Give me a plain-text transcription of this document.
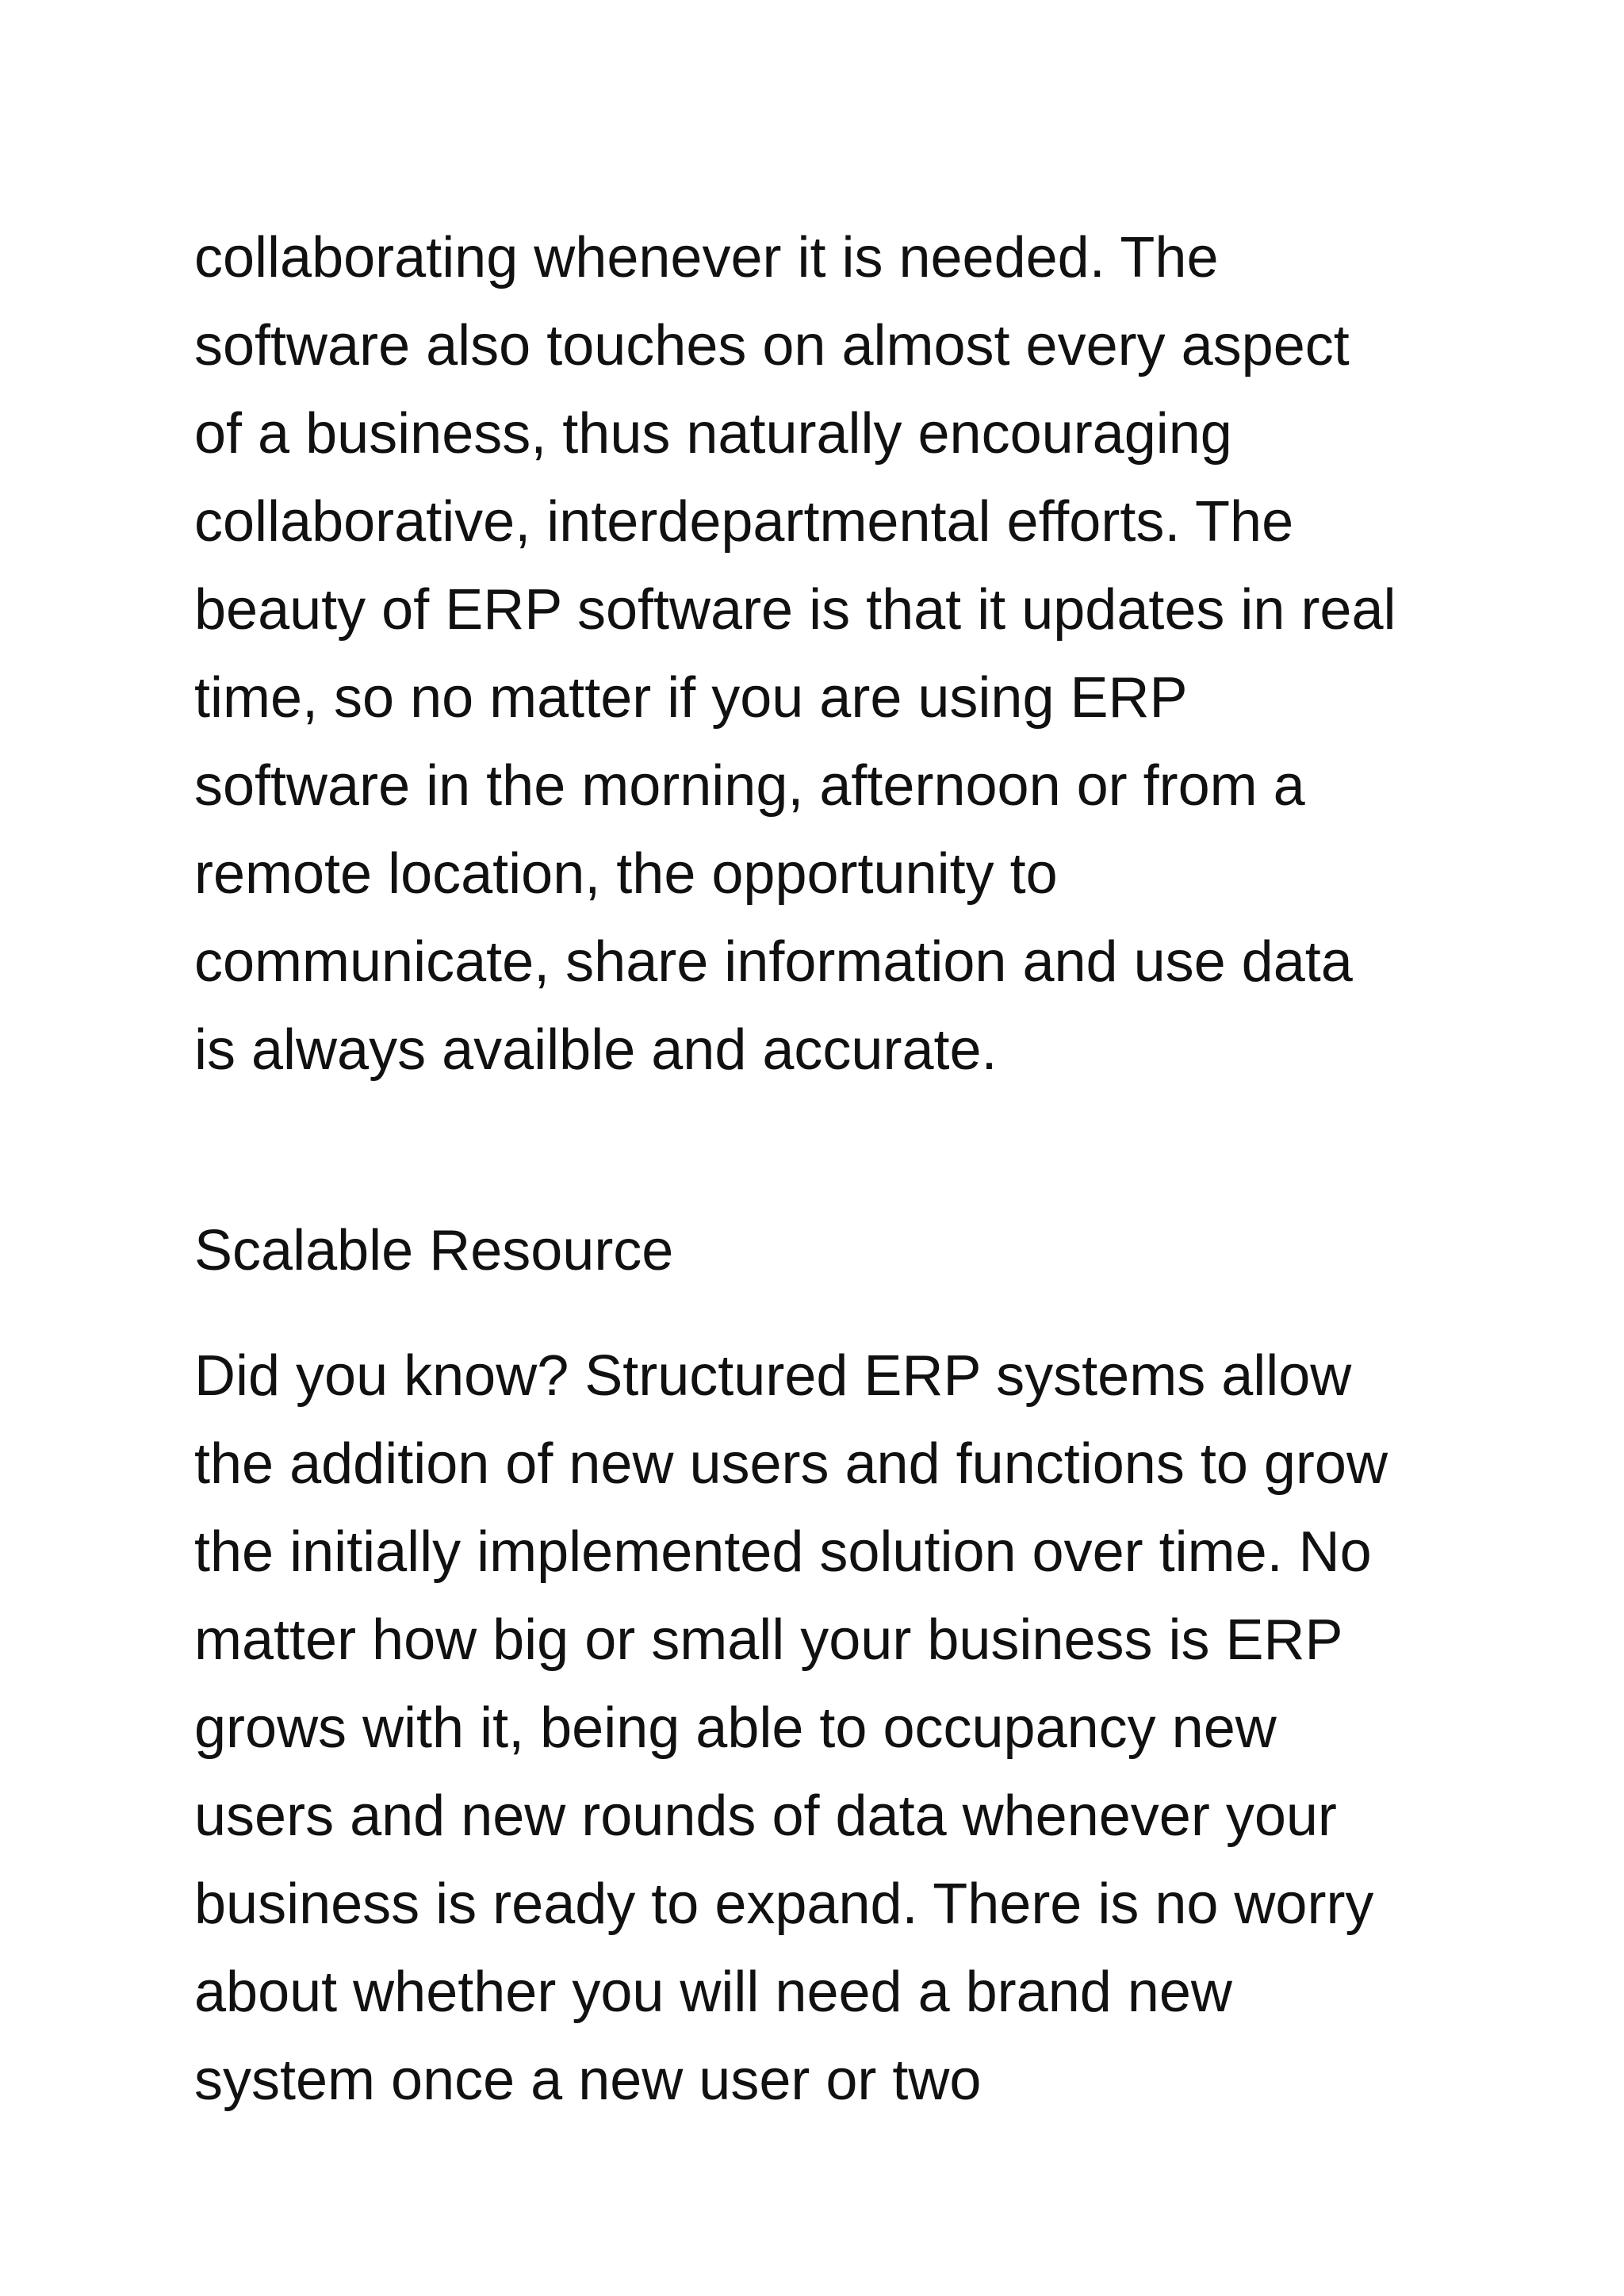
collaborating whenever it is needed. The
software also touches on almost every aspect
of a business, thus naturally encouraging
collaborative, interdepartmental efforts. The
beauty of ERP software is that it updates in real
time, so no matter if you are using ERP
software in the morning, afternoon or from a
remote location, the opportunity to
communicate, share information and use data
is always availble and accurate.
Scalable Resource
Did you know? Structured ERP systems allow
the addition of new users and functions to grow
the initially implemented solution over time. No
matter how big or small your business is ERP
grows with it, being able to occupancy new
users and new rounds of data whenever your
business is ready to expand. There is no worry
about whether you will need a brand new
system once a new user or two
